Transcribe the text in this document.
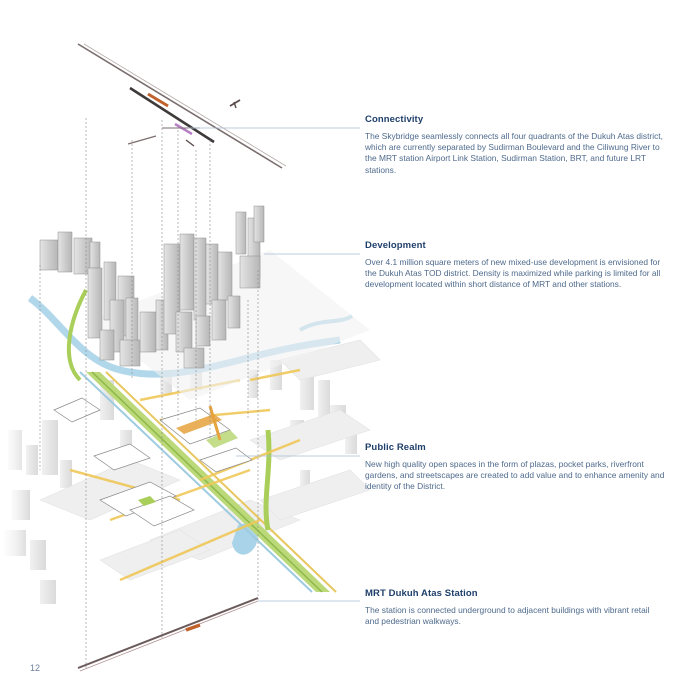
Connectivity

The Skybridge seamlessly connects all four quadrants of the Dukuh Atas district, which are currently separated by Sudirman Boulevard and the Ciliwung River to the MRT station Airport Link Station, Sudirman Station, BRT, and future LRT stations.

Development

Over 4.1 million square meters of new mixed-use development is envisioned for the Dukuh Atas TOD district. Density is maximized while parking is limited for all development located within short distance of MRT and other stations.

Public Realm

New high quality open spaces in the form of plazas, pocket parks, riverfront gardens, and streetscapes are created to add value and to enhance amenity and identity of the District.

MRT Dukuh Atas Station

The station is connected underground to adjacent buildings with vibrant retail and pedestrian walkways.

12
